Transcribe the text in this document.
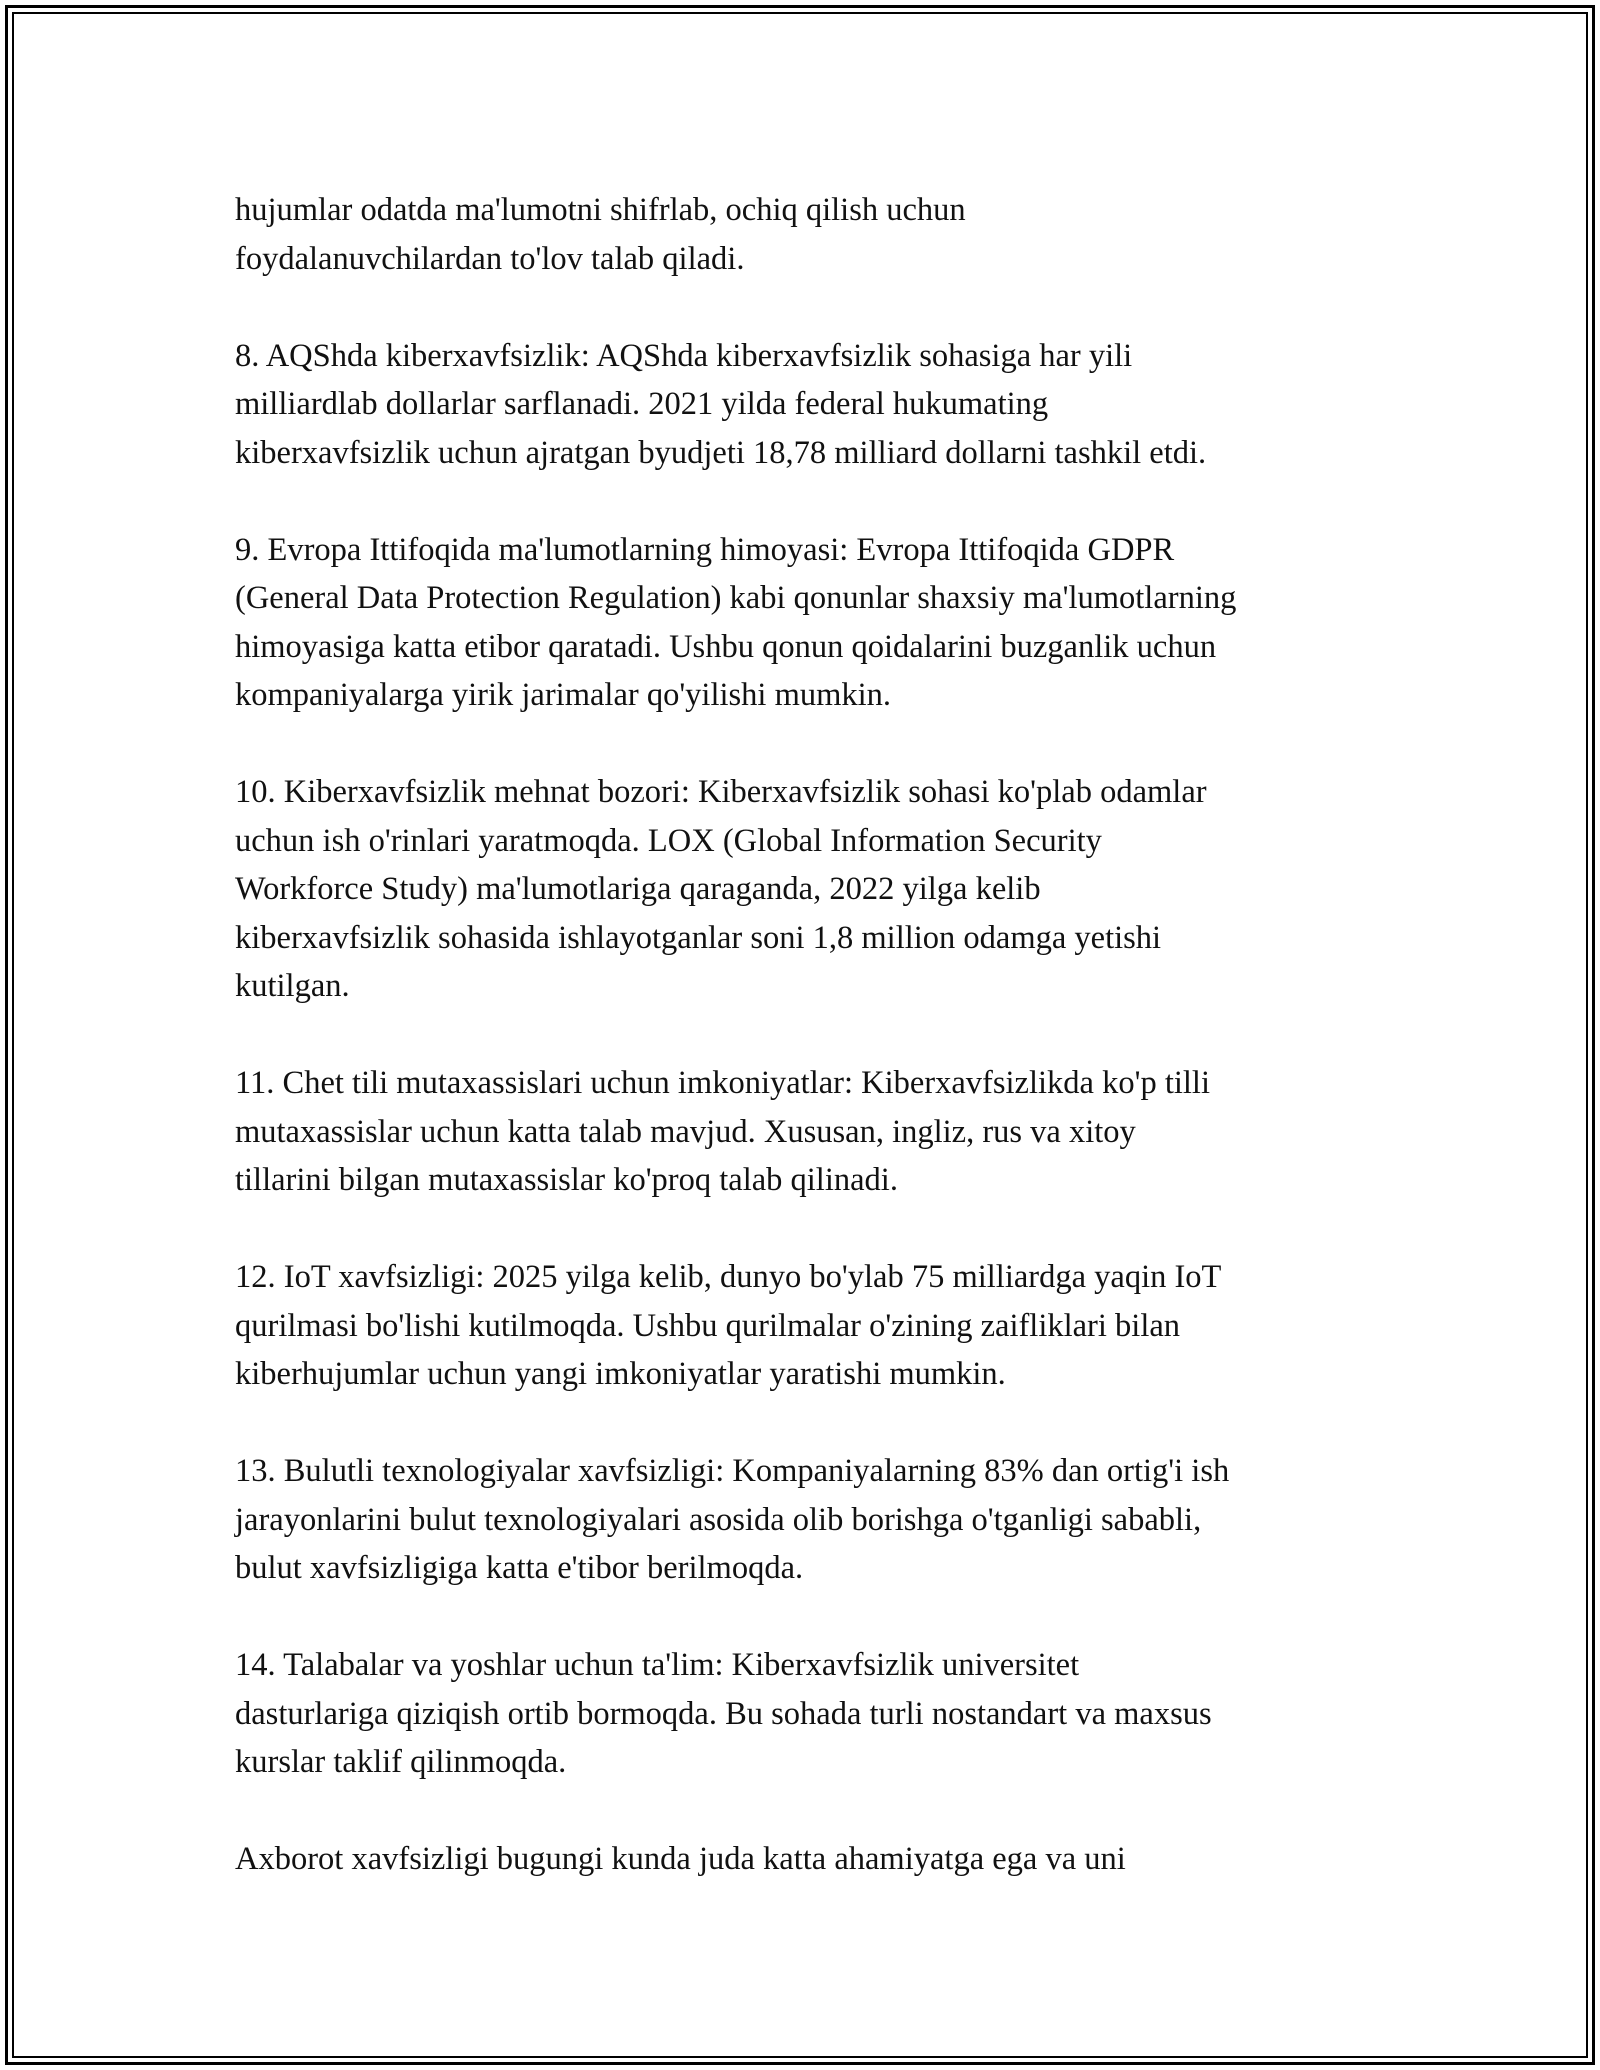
hujumlar odatda ma'lumotni shifrlab, ochiq qilish uchun
foydalanuvchilardan to'lov talab qiladi.

8. AQShda kiberxavfsizlik: AQShda kiberxavfsizlik sohasiga har yili
milliardlab dollarlar sarflanadi. 2021 yilda federal hukumating
kiberxavfsizlik uchun ajratgan byudjeti 18,78 milliard dollarni tashkil etdi.

9. Evropa Ittifoqida ma'lumotlarning himoyasi: Evropa Ittifoqida GDPR
(General Data Protection Regulation) kabi qonunlar shaxsiy ma'lumotlarning
himoyasiga katta etibor qaratadi. Ushbu qonun qoidalarini buzganlik uchun
kompaniyalarga yirik jarimalar qo'yilishi mumkin.

10. Kiberxavfsizlik mehnat bozori: Kiberxavfsizlik sohasi ko'plab odamlar
uchun ish o'rinlari yaratmoqda. LOX (Global Information Security
Workforce Study) ma'lumotlariga qaraganda, 2022 yilga kelib
kiberxavfsizlik sohasida ishlayotganlar soni 1,8 million odamga yetishi
kutilgan.

11. Chet tili mutaxassislari uchun imkoniyatlar: Kiberxavfsizlikda ko'p tilli
mutaxassislar uchun katta talab mavjud. Xususan, ingliz, rus va xitoy
tillarini bilgan mutaxassislar ko'proq talab qilinadi.

12. IoT xavfsizligi: 2025 yilga kelib, dunyo bo'ylab 75 milliardga yaqin IoT
qurilmasi bo'lishi kutilmoqda. Ushbu qurilmalar o'zining zaifliklari bilan
kiberhujumlar uchun yangi imkoniyatlar yaratishi mumkin.

13. Bulutli texnologiyalar xavfsizligi: Kompaniyalarning 83% dan ortig'i ish
jarayonlarini bulut texnologiyalari asosida olib borishga o'tganligi sababli,
bulut xavfsizligiga katta e'tibor berilmoqda.

14. Talabalar va yoshlar uchun ta'lim: Kiberxavfsizlik universitet
dasturlariga qiziqish ortib bormoqda. Bu sohada turli nostandart va maxsus
kurslar taklif qilinmoqda.

Axborot xavfsizligi bugungi kunda juda katta ahamiyatga ega va uni
